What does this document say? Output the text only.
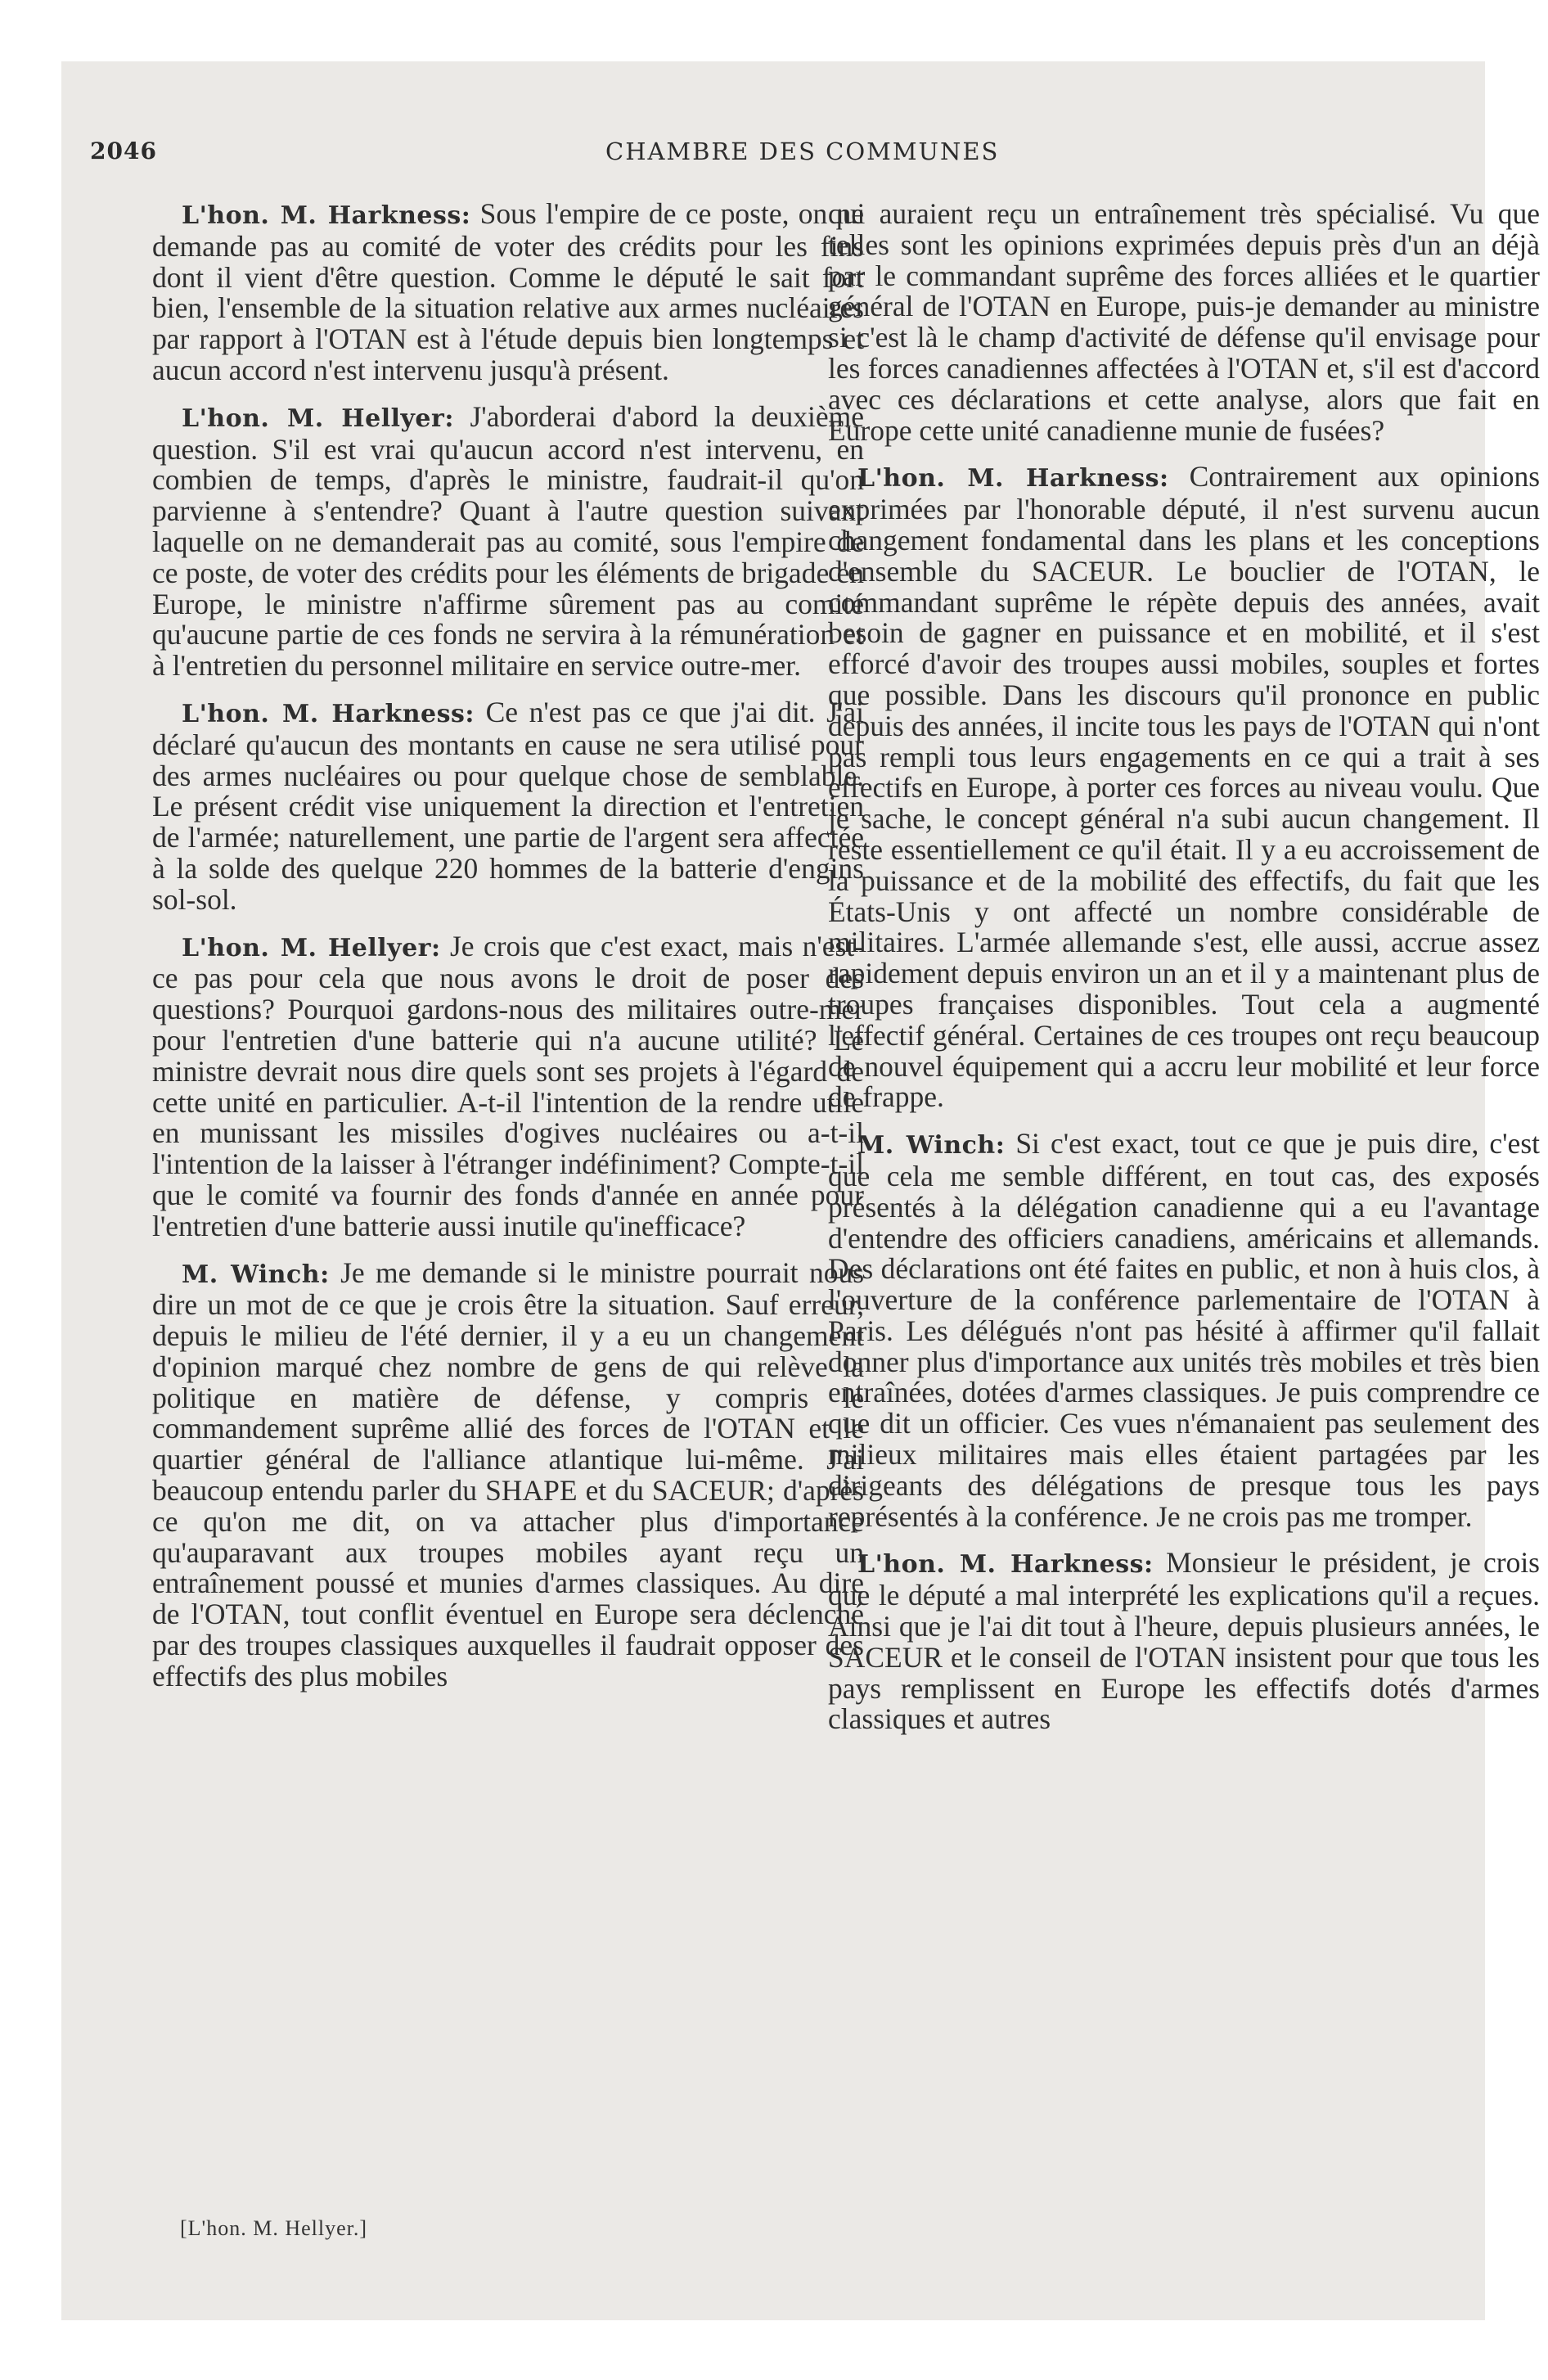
2046	CHAMBRE DES COMMUNES

L'hon. M. Harkness: Sous l'empire de ce poste, on ne demande pas au comité de voter des crédits pour les fins dont il vient d'être question. Comme le député le sait fort bien, l'ensemble de la situation relative aux armes nucléaires par rapport à l'OTAN est à l'étude depuis bien longtemps et aucun accord n'est intervenu jusqu'à présent.

L'hon. M. Hellyer: J'aborderai d'abord la deuxième question. S'il est vrai qu'aucun accord n'est intervenu, en combien de temps, d'après le ministre, faudrait-il qu'on parvienne à s'entendre? Quant à l'autre question suivant laquelle on ne demanderait pas au comité, sous l'empire de ce poste, de voter des crédits pour les éléments de brigade en Europe, le ministre n'affirme sûrement pas au comité qu'aucune partie de ces fonds ne servira à la rémunération et à l'entretien du personnel militaire en service outre-mer.

L'hon. M. Harkness: Ce n'est pas ce que j'ai dit. J'ai déclaré qu'aucun des montants en cause ne sera utilisé pour des armes nucléaires ou pour quelque chose de semblable. Le présent crédit vise uniquement la direction et l'entretien de l'armée; naturellement, une partie de l'argent sera affectée à la solde des quelque 220 hommes de la batterie d'engins sol-sol.

L'hon. M. Hellyer: Je crois que c'est exact, mais n'est-ce pas pour cela que nous avons le droit de poser des questions? Pourquoi gardons-nous des militaires outre-mer pour l'entretien d'une batterie qui n'a aucune utilité? Le ministre devrait nous dire quels sont ses projets à l'égard de cette unité en particulier. A-t-il l'intention de la rendre utile en munissant les missiles d'ogives nucléaires ou a-t-il l'intention de la laisser à l'étranger indéfiniment? Compte-t-il que le comité va fournir des fonds d'année en année pour l'entretien d'une batterie aussi inutile qu'inefficace?

M. Winch: Je me demande si le ministre pourrait nous dire un mot de ce que je crois être la situation. Sauf erreur, depuis le milieu de l'été dernier, il y a eu un changement d'opinion marqué chez nombre de gens de qui relève la politique en matière de défense, y compris le commandement suprême allié des forces de l'OTAN et le quartier général de l'alliance atlantique lui-même. J'ai beaucoup entendu parler du SHAPE et du SACEUR; d'après ce qu'on me dit, on va attacher plus d'importance qu'auparavant aux troupes mobiles ayant reçu un entraînement poussé et munies d'armes classiques. Au dire de l'OTAN, tout conflit éventuel en Europe sera déclenché par des troupes classiques auxquelles il faudrait opposer des effectifs des plus mobiles

qui auraient reçu un entraînement très spécialisé. Vu que telles sont les opinions exprimées depuis près d'un an déjà par le commandant suprême des forces alliées et le quartier général de l'OTAN en Europe, puis-je demander au ministre si c'est là le champ d'activité de défense qu'il envisage pour les forces canadiennes affectées à l'OTAN et, s'il est d'accord avec ces déclarations et cette analyse, alors que fait en Europe cette unité canadienne munie de fusées?

L'hon. M. Harkness: Contrairement aux opinions exprimées par l'honorable député, il n'est survenu aucun changement fondamental dans les plans et les conceptions d'ensemble du SACEUR. Le bouclier de l'OTAN, le commandant suprême le répète depuis des années, avait besoin de gagner en puissance et en mobilité, et il s'est efforcé d'avoir des troupes aussi mobiles, souples et fortes que possible. Dans les discours qu'il prononce en public depuis des années, il incite tous les pays de l'OTAN qui n'ont pas rempli tous leurs engagements en ce qui a trait à ses effectifs en Europe, à porter ces forces au niveau voulu. Que je sache, le concept général n'a subi aucun changement. Il reste essentiellement ce qu'il était. Il y a eu accroissement de la puissance et de la mobilité des effectifs, du fait que les États-Unis y ont affecté un nombre considérable de militaires. L'armée allemande s'est, elle aussi, accrue assez rapidement depuis environ un an et il y a maintenant plus de troupes françaises disponibles. Tout cela a augmenté l'effectif général. Certaines de ces troupes ont reçu beaucoup de nouvel équipement qui a accru leur mobilité et leur force de frappe.

M. Winch: Si c'est exact, tout ce que je puis dire, c'est que cela me semble différent, en tout cas, des exposés présentés à la délégation canadienne qui a eu l'avantage d'entendre des officiers canadiens, américains et allemands. Des déclarations ont été faites en public, et non à huis clos, à l'ouverture de la conférence parlementaire de l'OTAN à Paris. Les délégués n'ont pas hésité à affirmer qu'il fallait donner plus d'importance aux unités très mobiles et très bien entraînées, dotées d'armes classiques. Je puis comprendre ce que dit un officier. Ces vues n'émanaient pas seulement des milieux militaires mais elles étaient partagées par les dirigeants des délégations de presque tous les pays représentés à la conférence. Je ne crois pas me tromper.

L'hon. M. Harkness: Monsieur le président, je crois que le député a mal interprété les explications qu'il a reçues. Ainsi que je l'ai dit tout à l'heure, depuis plusieurs années, le SACEUR et le conseil de l'OTAN insistent pour que tous les pays remplissent en Europe les effectifs dotés d'armes classiques et autres

[L'hon. M. Hellyer.]
